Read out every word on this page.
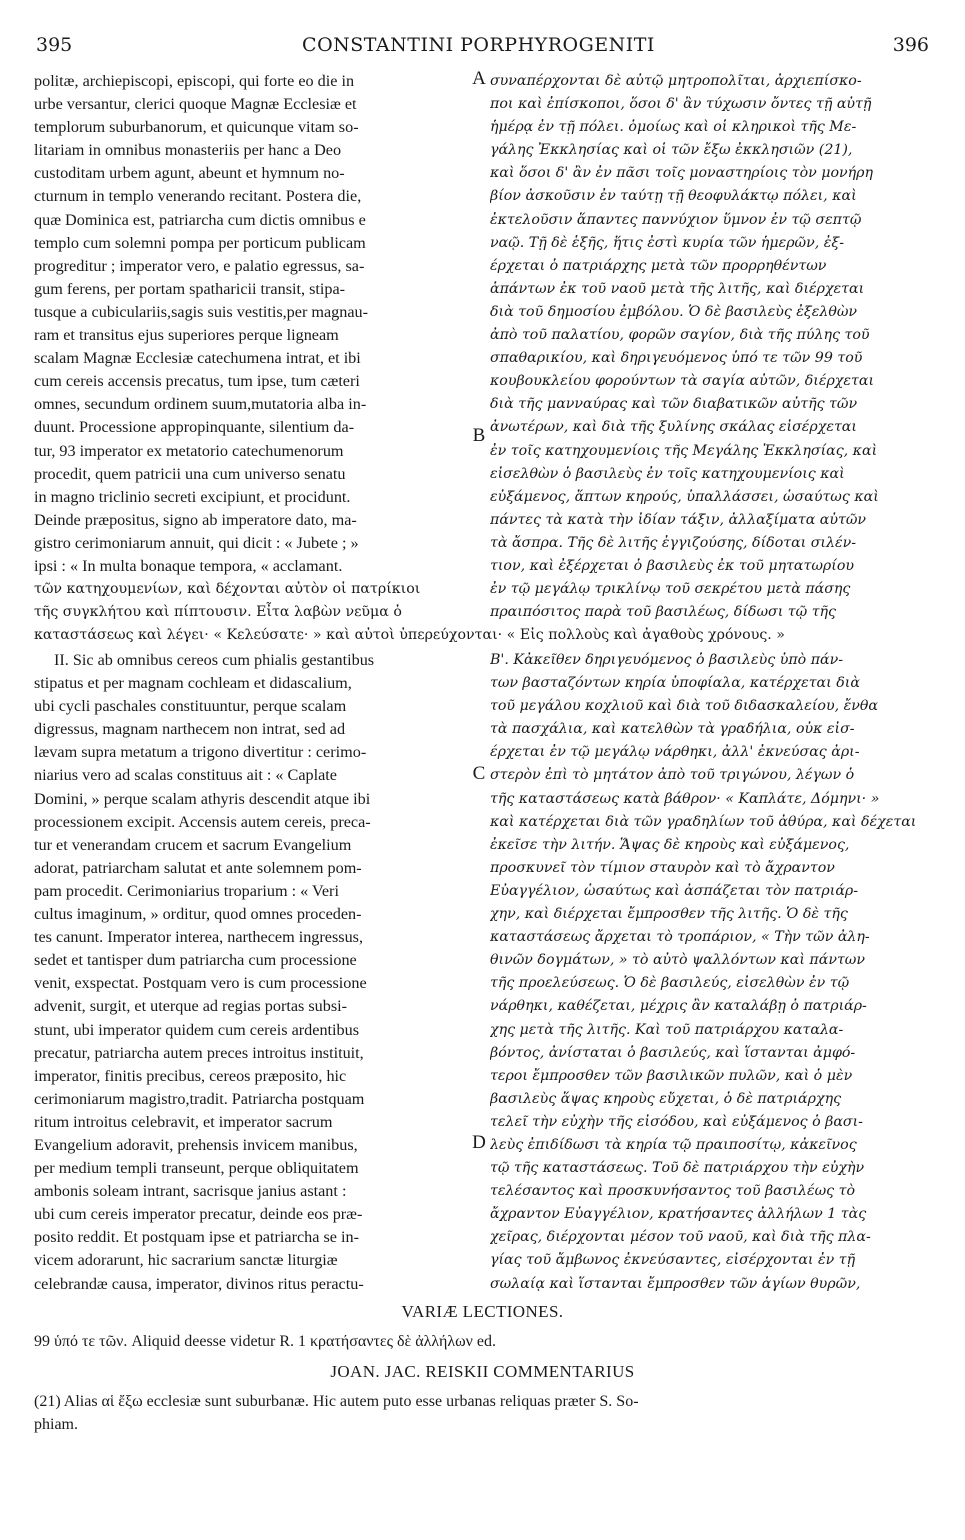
395	CONSTANTINI PORPHYROGENITI	396
politæ, archiepiscopi, episcopi, qui forte eo die in
urbe versantur, clerici quoque Magnæ Ecclesiæ et
templorum suburbanorum, et quicunque vitam so-
litariam in omnibus monasteriis per hanc a Deo
custoditam urbem agunt, abeunt et hymnum no-
cturnum in templo venerando recitant. Postera die,
quæ Dominica est, patriarcha cum dictis omnibus e
templo cum solemni pompa per porticum publicam
progreditur ; imperator vero, e palatio egressus, sa-
gum ferens, per portam spatharicii transit, stipa-
tusque a cubiculariis,sagis suis vestitis,per magnau-
ram et transitus ejus superiores perque ligneam
scalam Magnæ Ecclesiæ catechumena intrat, et ibi
cum cereis accensis precatus, tum ipse, tum cæteri
omnes, secundum ordinem suum,mutatoria alba in-
duunt. Processione appropinquante, silentium da-
tur, 93 imperator ex metatorio catechumenorum
procedit, quem patricii una cum universo senatu
in magno triclinio secreti excipiunt, et procidunt.
Deinde præpositus, signo ab imperatore dato, ma-
gistro cerimoniarum annuit, qui dicit : « Jubete ; »
ipsi : « In multa bonaque tempora, « acclamant.
συναπέρχονται δὲ αὐτῷ μητροπολῖται, ἀρχιεπίσκο-
ποι καὶ ἐπίσκοποι, ὅσοι δ' ἂν τύχωσιν ὄντες τῇ αὐτῇ
ἡμέρᾳ ἐν τῇ πόλει. ὁμοίως καὶ οἱ κληρικοὶ τῆς Με-
γάλης Ἐκκλησίας καὶ οἱ τῶν ἔξω ἐκκλησιῶν (21),
καὶ ὅσοι δ' ἂν ἐν πᾶσι τοῖς μοναστηρίοις τὸν μονήρη
βίον ἀσκοῦσιν ἐν ταύτῃ τῇ θεοφυλάκτῳ πόλει, καὶ
ἐκτελοῦσιν ἅπαντες παννύχιον ὕμνον ἐν τῷ σεπτῷ
ναῷ. Τῇ δὲ ἑξῆς, ἥτις ἐστὶ κυρία τῶν ἡμερῶν, ἐξ-
έρχεται ὁ πατριάρχης μετὰ τῶν προρρηθέντων
ἁπάντων ἐκ τοῦ ναοῦ μετὰ τῆς λιτῆς, καὶ διέρχεται
διὰ τοῦ δημοσίου ἐμβόλου. Ὁ δὲ βασιλεὺς ἐξελθὼν
ἀπὸ τοῦ παλατίου, φορῶν σαγίον, διὰ τῆς πύλης τοῦ
σπαθαρικίου, καὶ δηριγευόμενος ὑπό τε τῶν 99 τοῦ
κουβουκλείου φορούντων τὰ σαγία αὐτῶν, διέρχεται
διὰ τῆς μανναύρας καὶ τῶν διαβατικῶν αὐτῆς τῶν
ἀνωτέρων, καὶ διὰ τῆς ξυλίνης σκάλας εἰσέρχεται
ἐν τοῖς κατηχουμενίοις τῆς Μεγάλης Ἐκκλησίας, καὶ
εἰσελθὼν ὁ βασιλεὺς ἐν τοῖς κατηχουμενίοις καὶ
εὐξάμενος, ἅπτων κηρούς, ὑπαλλάσσει, ὡσαύτως καὶ
πάντες τὰ κατὰ τὴν ἰδίαν τάξιν, ἀλλαξίματα αὐτῶν
τὰ ἄσπρα. Τῆς δὲ λιτῆς ἐγγιζούσης, δίδοται σιλέν-
τιον, καὶ ἐξέρχεται ὁ βασιλεὺς ἐκ τοῦ μητατωρίου
ἐν τῷ μεγάλῳ τρικλίνῳ τοῦ σεκρέτου μετὰ πάσης
πραιπόσιτος παρὰ τοῦ βασιλέως, δίδωσι τῷ τῆς
τῶν κατηχουμενίων, καὶ δέχονται αὐτὸν οἱ πατρίκιοι
τῆς συγκλήτου καὶ πίπτουσιν. Εἶτα λαβὼν νεῦμα ὁ
καταστάσεως καὶ λέγει· « Κελεύσατε· » καὶ αὐτοὶ ὑπερεύχονται· « Εἰς πολλοὺς καὶ ἀγαθοὺς χρόνους. »
II. Sic ab omnibus cereos cum phialis gestantibus
stipatus et per magnam cochleam et didascalium,
ubi cycli paschales constituuntur, perque scalam
digressus, magnam narthecem non intrat, sed ad
lævam supra metatum a trigono divertitur : cerimo-
niarius vero ad scalas constituus ait : « Caplate
Domini, » perque scalam athyris descendit atque ibi
processionem excipit. Accensis autem cereis, preca-
tur et venerandam crucem et sacrum Evangelium
adorat, patriarcham salutat et ante solemnem pom-
pam procedit. Cerimoniarius troparium : « Veri
cultus imaginum, » orditur, quod omnes proceden-
tes canunt. Imperator interea, narthecem ingressus,
sedet et tantisper dum patriarcha cum processione
venit, exspectat. Postquam vero is cum processione
advenit, surgit, et uterque ad regias portas subsi-
stunt, ubi imperator quidem cum cereis ardentibus
precatur, patriarcha autem preces introitus instituit,
imperator, finitis precibus, cereos præposito, hic
cerimoniarum magistro,tradit. Patriarcha postquam
ritum introitus celebravit, et imperator sacrum
Evangelium adoravit, prehensis invicem manibus,
per medium templi transeunt, perque obliquitatem
ambonis soleam intrant, sacrisque janius astant :
ubi cum cereis imperator precatur, deinde eos præ-
posito reddit. Et postquam ipse et patriarcha se in-
vicem adorarunt, hic sacrarium sanctæ liturgiæ
celebrandæ causa, imperator, divinos ritus peractu-
Β'. Κἀκεῖθεν δηριγευόμενος ὁ βασιλεὺς ὑπὸ πάν-
των βασταζόντων κηρία ὑποφίαλα, κατέρχεται διὰ
τοῦ μεγάλου κοχλιοῦ καὶ διὰ τοῦ διδασκαλείου, ἔνθα
τὰ πασχάλια, καὶ κατελθὼν τὰ γραδήλια, οὐκ εἰσ-
έρχεται ἐν τῷ μεγάλῳ νάρθηκι, ἀλλ' ἐκνεύσας ἀρι-
στερὸν ἐπὶ τὸ μητάτον ἀπὸ τοῦ τριγώνου, λέγων ὁ
τῆς καταστάσεως κατὰ βάθρον· « Καπλάτε, Δόμηνι· »
καὶ κατέρχεται διὰ τῶν γραδηλίων τοῦ ἀθύρα, καὶ δέχεται
ἐκεῖσε τὴν λιτήν. Ἅψας δὲ κηροὺς καὶ εὐξάμενος,
προσκυνεῖ τὸν τίμιον σταυρὸν καὶ τὸ ἄχραντον
Εὐαγγέλιον, ὡσαύτως καὶ ἀσπάζεται τὸν πατριάρ-
χην, καὶ διέρχεται ἔμπροσθεν τῆς λιτῆς. Ὁ δὲ τῆς
καταστάσεως ἄρχεται τὸ τροπάριον, « Τὴν τῶν ἀλη-
θινῶν δογμάτων, » τὸ αὐτὸ ψαλλόντων καὶ πάντων
τῆς προελεύσεως. Ὁ δὲ βασιλεύς, εἰσελθὼν ἐν τῷ
νάρθηκι, καθέζεται, μέχρις ἂν καταλάβῃ ὁ πατριάρ-
χης μετὰ τῆς λιτῆς. Καὶ τοῦ πατριάρχου καταλα-
βόντος, ἀνίσταται ὁ βασιλεύς, καὶ ἵστανται ἀμφό-
τεροι ἔμπροσθεν τῶν βασιλικῶν πυλῶν, καὶ ὁ μὲν
βασιλεὺς ἅψας κηροὺς εὔχεται, ὁ δὲ πατριάρχης
τελεῖ τὴν εὐχὴν τῆς εἰσόδου, καὶ εὐξάμενος ὁ βασι-
λεὺς ἐπιδίδωσι τὰ κηρία τῷ πραιποσίτῳ, κἀκεῖνος
τῷ τῆς καταστάσεως. Τοῦ δὲ πατριάρχου τὴν εὐχὴν
τελέσαντος καὶ προσκυνήσαντος τοῦ βασιλέως τὸ
ἄχραντον Εὐαγγέλιον, κρατήσαντες ἀλλήλων 1 τὰς
χεῖρας, διέρχονται μέσον τοῦ ναοῦ, καὶ διὰ τῆς πλα-
γίας τοῦ ἄμβωνος ἐκνεύσαντες, εἰσέρχονται ἐν τῇ
σωλαίᾳ καὶ ἵστανται ἔμπροσθεν τῶν ἁγίων θυρῶν,
A
B
C
D
VARIÆ LECTIONES.
99 ὑπό τε τῶν. Aliquid deesse videtur R. 1 κρατήσαντες δὲ ἀλλήλων ed.
JOAN. JAC. REISKII COMMENTARIUS
(21) Alias αἱ ἔξω ecclesiæ sunt suburbanæ. Hic autem puto esse urbanas reliquas præter S. So-
phiam.
